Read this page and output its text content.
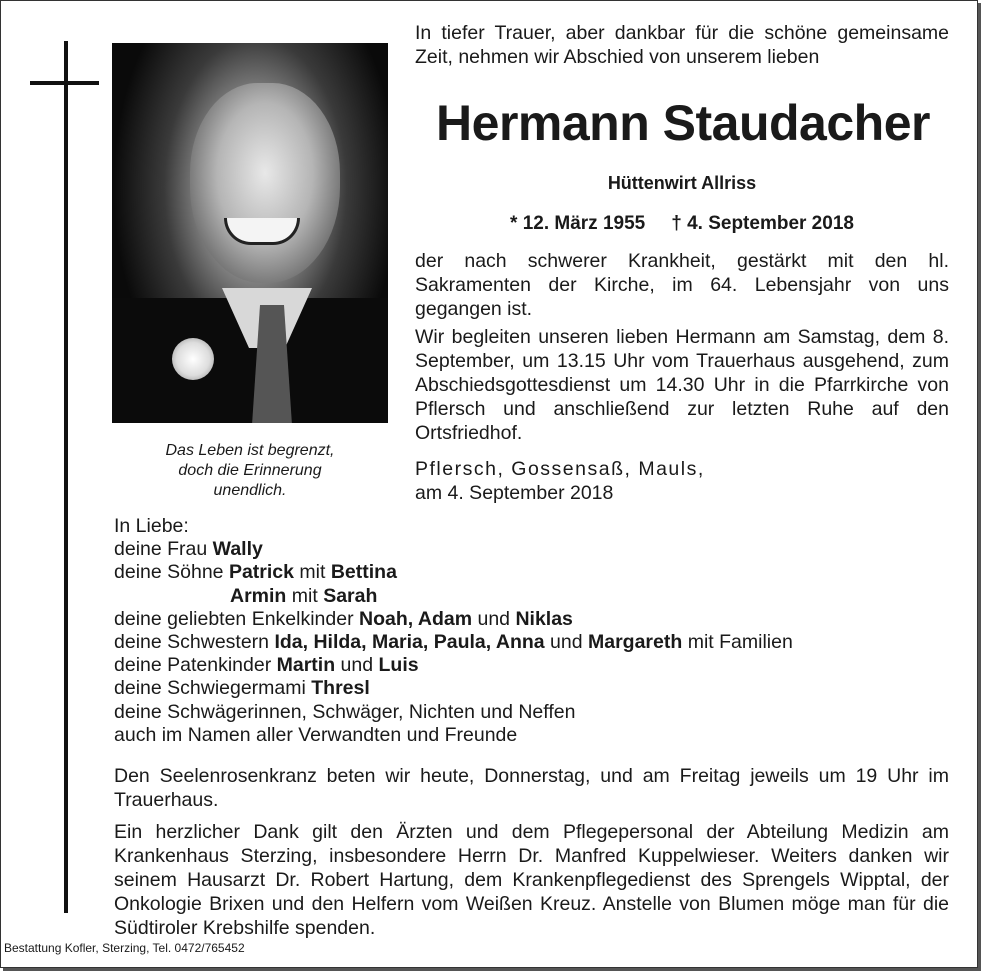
Das Leben ist begrenzt,
doch die Erinnerung
unendlich.
In tiefer Trauer, aber dankbar für die schöne gemeinsame Zeit, nehmen wir Abschied von unserem lieben
Hermann Staudacher
Hüttenwirt Allriss
* 12. März 1955 † 4. September 2018

der nach schwerer Krankheit, gestärkt mit den hl. Sakramenten der Kirche, im 64. Lebensjahr von uns gegangen ist.

Wir begleiten unseren lieben Hermann am Samstag, dem 8. September, um 13.15 Uhr vom Trauerhaus ausgehend, zum Abschiedsgottesdienst um 14.30 Uhr in die Pfarrkirche von Pflersch und anschließend zur letzten Ruhe auf den Ortsfriedhof.

Pflersch, Gossensaß, Mauls,
am 4. September 2018
In Liebe:
deine Frau Wally
deine Söhne Patrick mit Bettina
Armin mit Sarah
deine geliebten Enkelkinder Noah, Adam und Niklas
deine Schwestern Ida, Hilda, Maria, Paula, Anna und Margareth mit Familien
deine Patenkinder Martin und Luis
deine Schwiegermami Thresl
deine Schwägerinnen, Schwäger, Nichten und Neffen
auch im Namen aller Verwandten und Freunde

Den Seelenrosenkranz beten wir heute, Donnerstag, und am Freitag jeweils um 19 Uhr im Trauerhaus.

Ein herzlicher Dank gilt den Ärzten und dem Pflegepersonal der Abteilung Medizin am Krankenhaus Sterzing, insbesondere Herrn Dr. Manfred Kuppelwieser. Weiters danken wir seinem Hausarzt Dr. Robert Hartung, dem Krankenpflegedienst des Sprengels Wipptal, der Onkologie Brixen und den Helfern vom Weißen Kreuz. Anstelle von Blumen möge man für die Südtiroler Krebshilfe spenden.

Bestattung Kofler, Sterzing, Tel. 0472/765452
